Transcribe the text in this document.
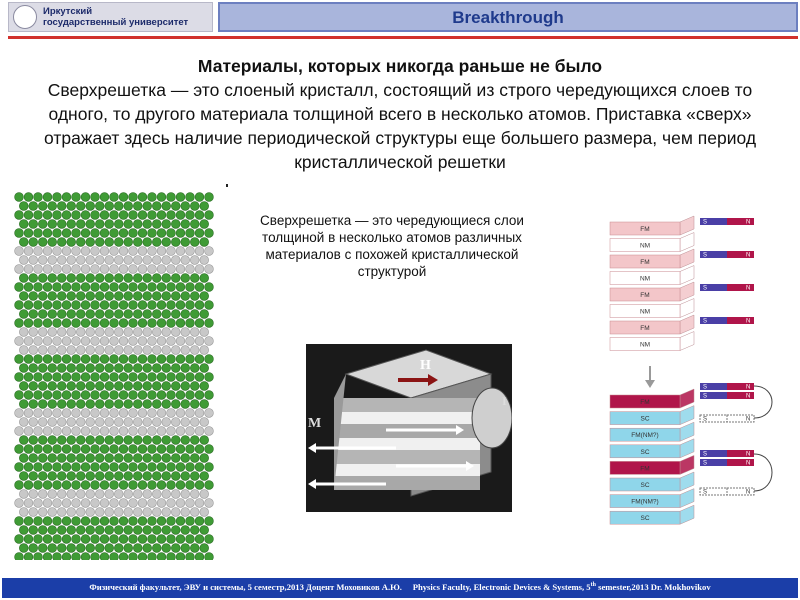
Иркутский
государственный университет	Breakthrough
Материалы, которых никогда раньше не было
Сверхрешетка — это слоеный кристалл, состоящий из строго чередующихся слоев то одного, то другого материала толщиной всего в несколько атомов. Приставка «сверх» отражает здесь наличие периодической структуры еще большего размера, чем период кристаллической решетки
Сверхрешетка — это чередующиеся слои толщиной в несколько атомов различных материалов с похожей кристаллической структурой
H
M
I
FM
S	N
NM
FM
S	N
NM
FM
S	N
NM
FM
S	N
NM
FM
SC
FM(NM?)
SC
FM
SC
FM(NM?)
SC
S	N
S	N
S	N
S	N
S	N
S	N
Физический факультет, ЭВУ и системы, 5 семестр,2013 Доцент Моховиков А.Ю. Physics Faculty, Electronic Devices & Systems, 5th semester,2013 Dr. Mokhovikov
